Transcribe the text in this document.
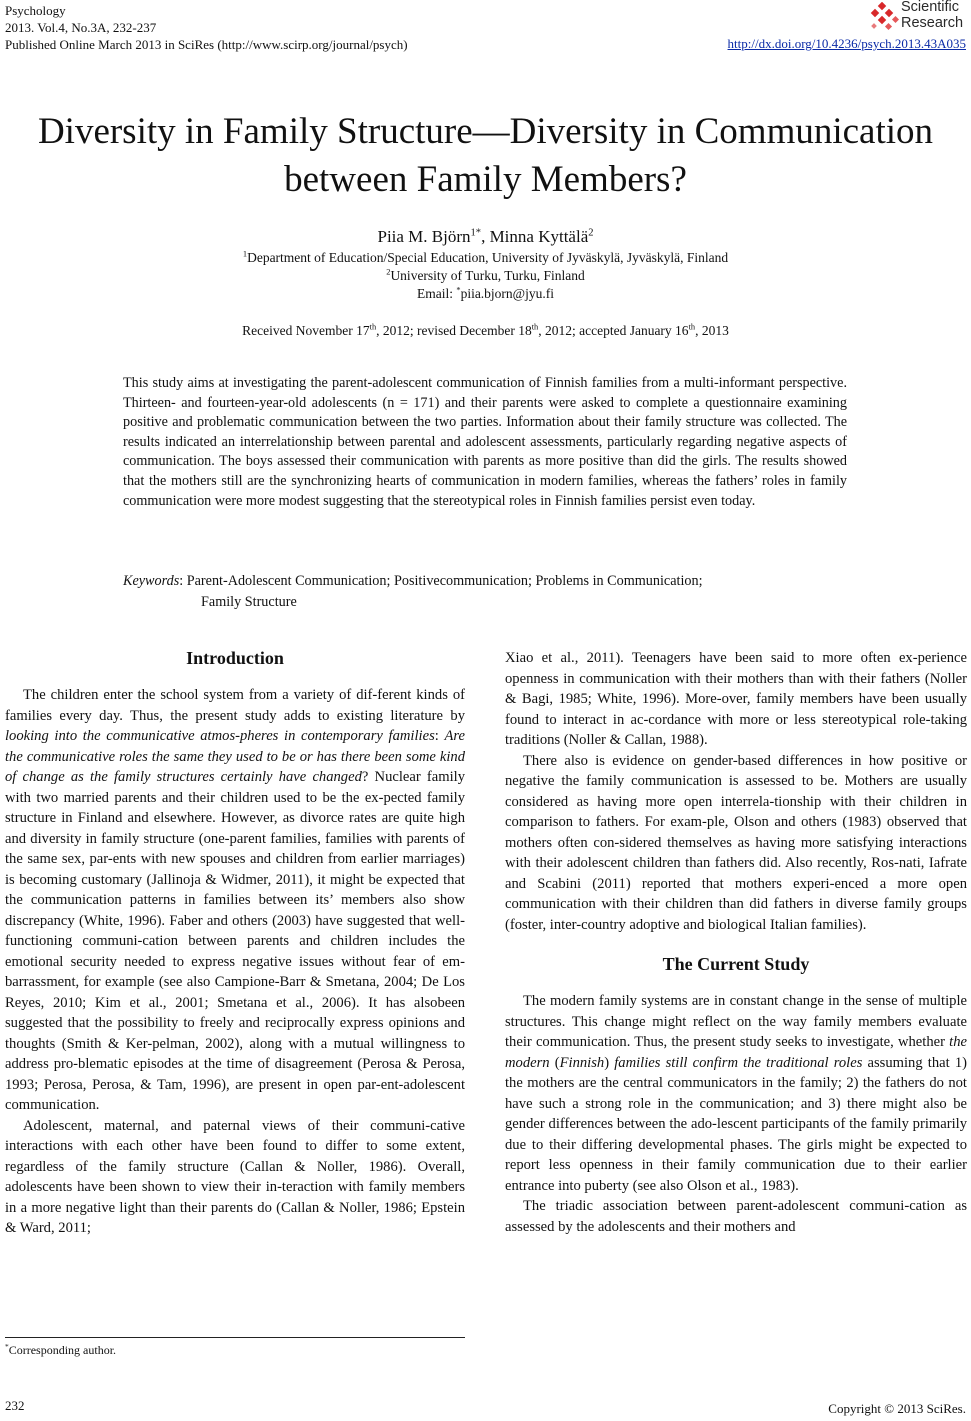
Psychology
2013. Vol.4, No.3A, 232-237
Published Online March 2013 in SciRes (http://www.scirp.org/journal/psych)	http://dx.doi.org/10.4236/psych.2013.43A035
Scientific
Research
Diversity in Family Structure—Diversity in Communication
between Family Members?
Piia M. Björn$^{1*}$, Minna Kyttälä$^2$
$^1$Department of Education/Special Education, University of Jyväskylä, Jyväskylä, Finland
$^2$University of Turku, Turku, Finland
Email: *piia.bjorn@jyu.fi
Received November 17th, 2012; revised December 18th, 2012; accepted January 16th, 2013

This study aims at investigating the parent-adolescent communication of Finnish families from a multi-informant perspective. Thirteen- and fourteen-year-old adolescents (n = 171) and their parents were asked to complete a questionnaire examining positive and problematic communication between the two parties. Information about their family structure was collected. The results indicated an interrelationship between parental and adolescent assessments, particularly regarding negative aspects of communication. The boys assessed their communication with parents as more positive than did the girls. The results showed that the mothers still are the synchronizing hearts of communication in modern families, whereas the fathers’ roles in family communication were more modest suggesting that the stereotypical roles in Finnish families persist even today.

Keywords: Parent-Adolescent Communication; Positivecommunication; Problems in Communication;
Family Structure
Introduction

The children enter the school system from a variety of dif-ferent kinds of families every day. Thus, the present study adds to existing literature by looking into the communicative atmos-pheres in contemporary families: Are the communicative roles the same they used to be or has there been some kind of change as the family structures certainly have changed? Nuclear family with two married parents and their children used to be the ex-pected family structure in Finland and elsewhere. However, as divorce rates are quite high and diversity in family structure (one-parent families, families with parents of the same sex, par-ents with new spouses and children from earlier marriages) is becoming customary (Jallinoja & Widmer, 2011), it might be expected that the communication patterns in families between its’ members also show discrepancy (White, 1996). Faber and others (2003) have suggested that well-functioning communi-cation between parents and children includes the emotional security needed to express negative issues without fear of em-barrassment, for example (see also Campione-Barr & Smetana, 2004; De Los Reyes, 2010; Kim et al., 2001; Smetana et al., 2006). It has alsobeen suggested that the possibility to freely and reciprocally express opinions and thoughts (Smith & Ker-pelman, 2002), along with a mutual willingness to address pro-blematic episodes at the time of disagreement (Perosa & Perosa, 1993; Perosa, Perosa, & Tam, 1996), are present in open par-ent-adolescent communication.

Adolescent, maternal, and paternal views of their communi-cative interactions with each other have been found to differ to some extent, regardless of the family structure (Callan & Noller, 1986). Overall, adolescents have been shown to view their in-teraction with family members in a more negative light than their parents do (Callan & Noller, 1986; Epstein & Ward, 2011;

Xiao et al., 2011). Teenagers have been said to more often ex-perience openness in communication with their mothers than with their fathers (Noller & Bagi, 1985; White, 1996). More-over, family members have been usually found to interact in ac-cordance with more or less stereotypical role-taking traditions (Noller & Callan, 1988).

There also is evidence on gender-based differences in how positive or negative the family communication is assessed to be. Mothers are usually considered as having more open interrela-tionship with their children in comparison to fathers. For exam-ple, Olson and others (1983) observed that mothers often con-sidered themselves as having more satisfying interactions with their adolescent children than fathers did. Also recently, Ros-nati, Iafrate and Scabini (2011) reported that mothers experi-enced a more open communication with their children than did fathers in diverse family groups (foster, inter-country adoptive and biological Italian families).

The Current Study

The modern family systems are in constant change in the sense of multiple structures. This change might reflect on the way family members evaluate their communication. Thus, the present study seeks to investigate, whether the modern (Finnish) families still confirm the traditional roles assuming that 1) the mothers are the central communicators in the family; 2) the fathers do not have such a strong role in the communication; and 3) there might also be gender differences between the ado-lescent participants of the family primarily due to their differing developmental phases. The girls might be expected to report less openness in their family communication due to their earlier entrance into puberty (see also Olson et al., 1983).

The triadic association between parent-adolescent communi-cation as assessed by the adolescents and their mothers and

*Corresponding author.
232	Copyright © 2013 SciRes.
